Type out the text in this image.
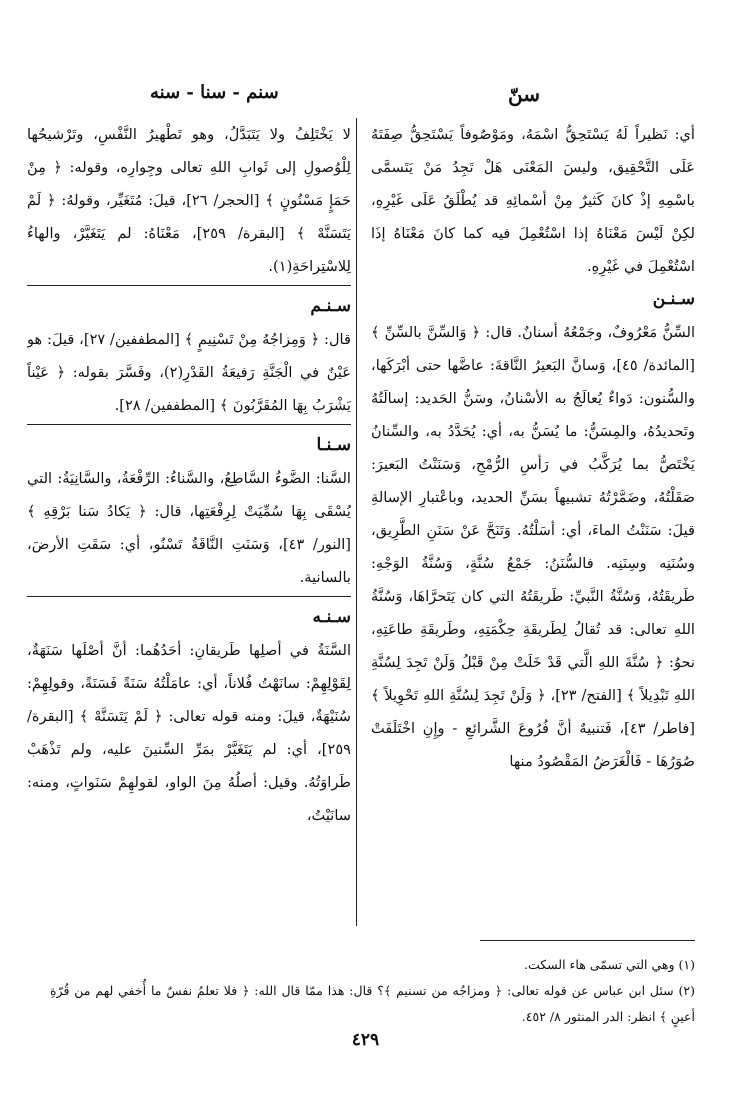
سنّ
سنم - سنا - سنه

أي: نَظيراً لَهُ يَسْتَحِقُّ اسْمَهُ، ومَوْصُوفاً يَسْتَحِقُّ صِفَتَهُ عَلَى التَّحْقِيق، وليسَ المَعْنَى هَلْ تَجِدُ مَنْ يَتَسمَّى باسْمِهِ إذْ كانَ كَثيرٌ مِنْ أسْمائِهِ قد يُطْلَقُ عَلَى غَيْرِهِ، لكِنْ لَيْسَ مَعْنَاهُ إذا اسْتُعْمِلَ فيه كما كانَ مَعْنَاهُ إذَا اسْتُعْمِلَ في غَيْرِهِ.

سـنـن

السِّنُّ مَعْرُوفٌ، وجَمْعُهُ أسنانٌ. قال: ﴿ وَالسِّنَّ بالسِّنِّ ﴾ [المائدة/ ٤٥]، وَسانَّ البَعيرُ النَّاقةَ: عاضَّها حتى أبْرَكَها، والسُّنون: دَواءٌ يُعالَجُ به الأسْنانُ، وسَنُّ الحَديد: إسالَتُهُ وتَحديدُهُ، والمِسَنُّ: ما يُسَنُّ به، أي: يُحَدَّدُ به، والسِّنانُ يَخْتَصُّ بما يُرَكَّبُ في رَأسِ الرُّمْحِ، وَسَنَنْتُ البَعيرَ: صَقَلْتُهُ، وضَمَّرْتُهُ تشبيهاً بسَنِّ الحديد، وباعْتبارِ الإسالةِ قيلَ: سَنَنْتُ الماءَ، أي: أسَلْتُهُ. وَتَنَحَّ عَنْ سَنَنِ الطَّرِيق، وسُنَنِه وسِنَنِه. فالسُّنَنُ: جَمْعُ سُنَّةٍ، وَسُنَّةُ الوَجْهِ: طَريقَتُهُ، وَسُنَّةُ النَّبيِّ: طَريقَتُهُ التي كان يَتَحرَّاهَا، وَسُنَّةُ اللهِ تعالى: قد تُقالُ لِطَريقَةِ حِكْمَتِهِ، وطَريقَةِ طاعَتِهِ، نحوُ: ﴿ سُنَّةَ اللهِ الَّتي قَدْ خَلَتْ مِنْ قَبْلُ وَلَنْ تَجِدَ لِسُنَّةِ اللهِ تَبْدِيلاً ﴾ [الفتح/ ٢٣]، ﴿ وَلَنْ تَجِدَ لِسُنَّةِ اللهِ تَحْوِيلاً ﴾ [فاطر/ ٤٣]، فَتنبيهٌ أنَّ فُرُوعَ الشَّرائعِ - وإِنِ اخْتَلَفَتْ صُوَرُهَا - فَالْغَرَضُ المَقْصُودُ منها

لا يَخْتَلِفُ ولا يَتَبَدَّلُ، وهو تَطْهيرُ النَّفْسِ، وتَرْشيحُها لِلْوُصولِ إلى ثَوابِ اللهِ تعالى وجِوارِه، وقوله: ﴿ مِنْ حَمَإٍ مَسْنُونٍ ﴾ [الحجر/ ٢٦]، قيلَ: مُتَغَيِّر، وقولهُ: ﴿ لَمْ يَتَسَنَّهْ ﴾ [البقرة/ ٢٥٩]، مَعْنَاهُ: لم يَتَغَيَّرْ، والهاءُ لِلاسْتِراحَةِ(١).

سـنـم

قال: ﴿ وَمِزاجُهُ مِنْ تَسْنِيمٍ ﴾ [المطففين/ ٢٧]، قيلَ: هو عَيْنٌ في الْجَنَّةِ رَفيعَةُ القَدْرِ(٢)، وفَسَّرَ بقوله: ﴿ عَيْناً يَشْرَبُ بِهَا المُقَرَّبُونَ ﴾ [المطففين/ ٢٨].

سـنـا

السَّنا: الضَّوءُ السَّاطِعُ، والسَّناءُ: الرِّفْعَةُ، والسَّانِيَةُ: التي يُسْقَى بِهَا سُمِّيَتْ لِرِفْعَتِها، قال: ﴿ يَكادُ سَنا بَرْقِهِ ﴾ [النور/ ٤٣]، وَسَنَتِ النَّاقَةُ تَسْنُو، أي: سَقَتِ الأرضَ، بالسانية.

سـنـه

السَّنَةُ في أصلِها طَريقانِ: أحَدُهُما: أنَّ أصْلَها سَنَهَةٌ، لِقَوْلِهِمْ: سانَهْتُ فُلاناً، أي: عامَلْتُهُ سَنَةً فَسَنَةً، وقولِهِمْ: سُنَيْهَةٌ، قيلَ: ومنه قوله تعالى: ﴿ لَمْ يَتَسَنَّهْ ﴾ [البقرة/ ٢٥٩]، أي: لم يَتَغَيَّرْ بمَرِّ السِّنينَ عليه، ولم تَذْهَبْ طَراوَتُهُ. وقيل: أصلُهُ مِنَ الواو، لقولهِمْ سَنَواتٍ، ومنه: سانَيْتُ،

(١) وهي التي تسمّى هاء السكت.

(٢) سئل ابن عباس عن قوله تعالى: ﴿ ومزاجُه من تسنيم ﴾؟ قال: هذا ممّا قال الله: ﴿ فلا تعلمُ نفسٌ ما أُخفي لهم من قُرّةِ أعينٍ ﴾ انظر: الدر المنثور ٨/ ٤٥٢.

٤٢٩
